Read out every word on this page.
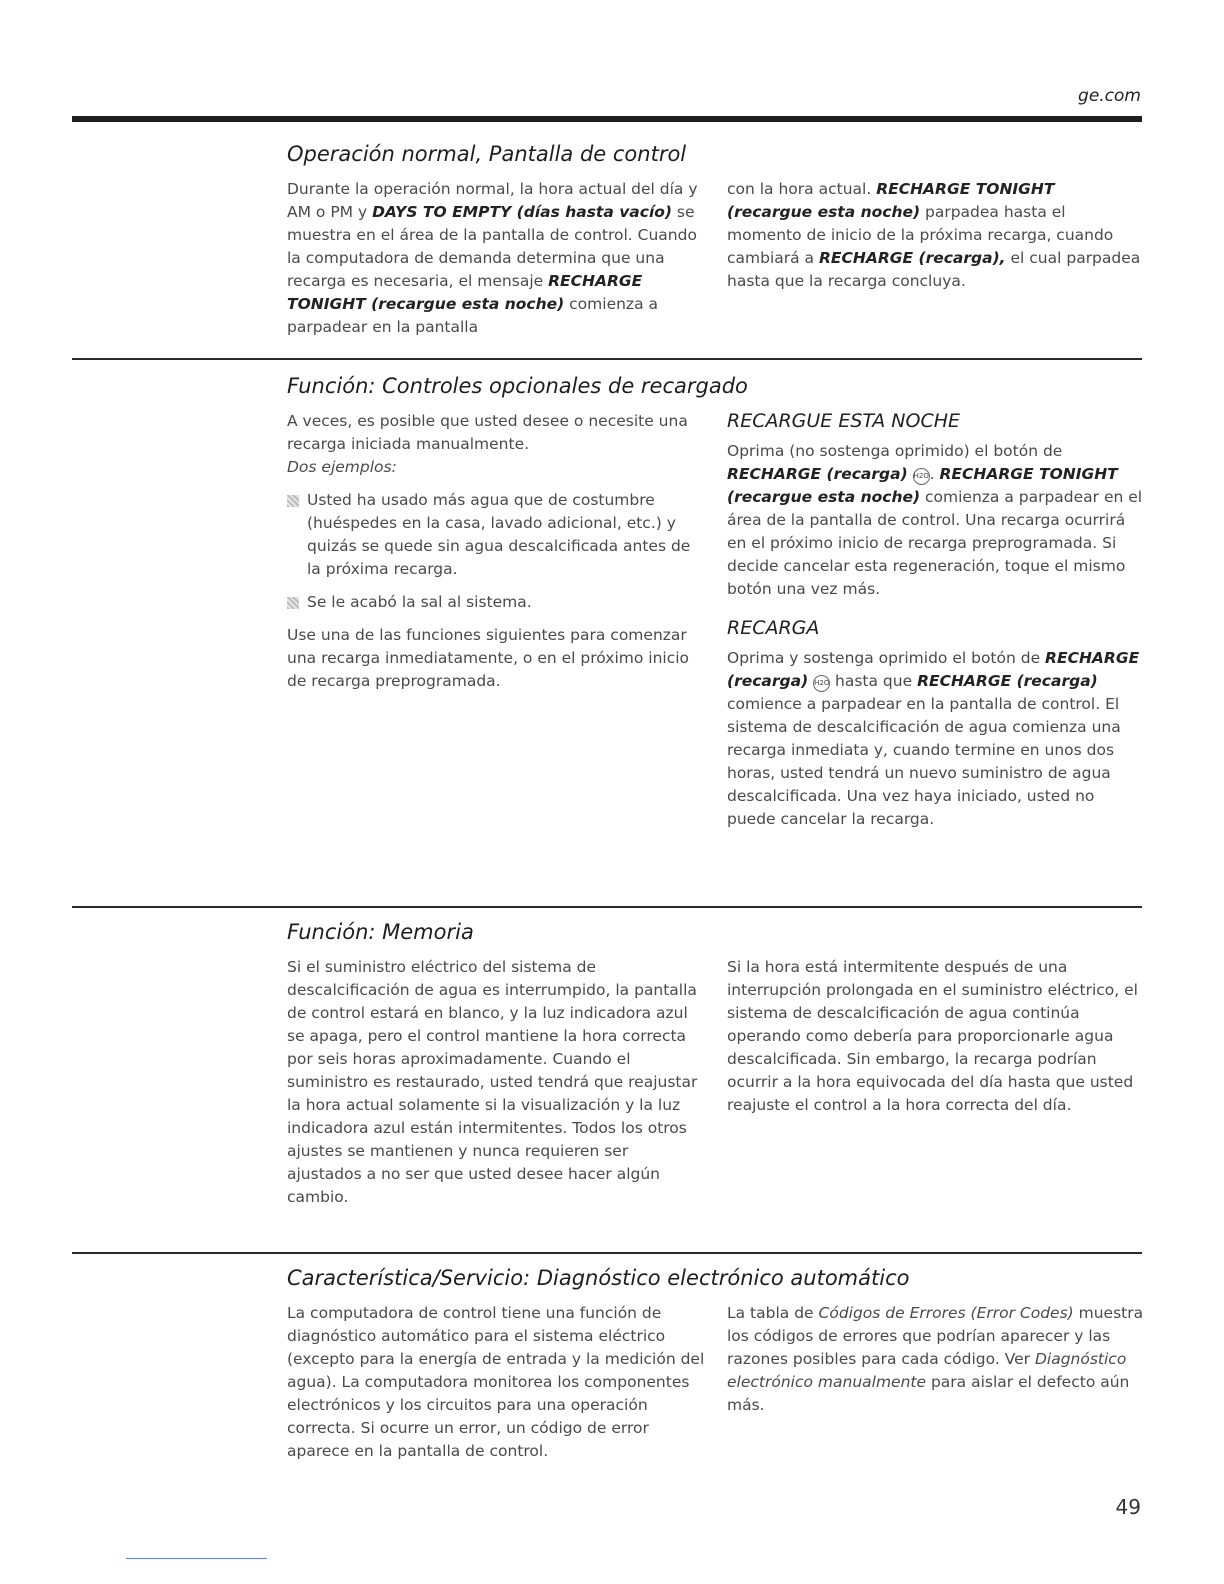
ge.com
Operación normal, Pantalla de control

Durante la operación normal, la hora actual del día y AM o PM y DAYS TO EMPTY (días hasta vacío) se muestra en el área de la pantalla de control. Cuando la computadora de demanda determina que una recarga es necesaria, el mensaje RECHARGE TONIGHT (recargue esta noche) comienza a parpadear en la pantalla

con la hora actual. RECHARGE TONIGHT (recargue esta noche) parpadea hasta el momento de inicio de la próxima recarga, cuando cambiará a RECHARGE (recarga), el cual parpadea hasta que la recarga concluya.

Función: Controles opcionales de recargado

A veces, es posible que usted desee o necesite una recarga iniciada manualmente.

Dos ejemplos:

Usted ha usado más agua que de costumbre (huéspedes en la casa, lavado adicional, etc.) y quizás se quede sin agua descalcificada antes de la próxima recarga.
Se le acabó la sal al sistema.

Use una de las funciones siguientes para comenzar una recarga inmediatamente, o en el próximo inicio de recarga preprogramada.

RECARGUE ESTA NOCHE

Oprima (no sostenga oprimido) el botón de RECHARGE (recarga) H2O. RECHARGE TONIGHT (recargue esta noche) comienza a parpadear en el área de la pantalla de control. Una recarga ocurrirá en el próximo inicio de recarga preprogramada. Si decide cancelar esta regeneración, toque el mismo botón una vez más.

RECARGA

Oprima y sostenga oprimido el botón de RECHARGE (recarga) H2O hasta que RECHARGE (recarga) comience a parpadear en la pantalla de control. El sistema de descalcificación de agua comienza una recarga inmediata y, cuando termine en unos dos horas, usted tendrá un nuevo suministro de agua descalcificada. Una vez haya iniciado, usted no puede cancelar la recarga.

Función: Memoria

Si el suministro eléctrico del sistema de descalcificación de agua es interrumpido, la pantalla de control estará en blanco, y la luz indicadora azul se apaga, pero el control mantiene la hora correcta por seis horas aproximadamente. Cuando el suministro es restaurado, usted tendrá que reajustar la hora actual solamente si la visualización y la luz indicadora azul están intermitentes. Todos los otros ajustes se mantienen y nunca requieren ser ajustados a no ser que usted desee hacer algún cambio.

Si la hora está intermitente después de una interrupción prolongada en el suministro eléctrico, el sistema de descalcificación de agua continúa operando como debería para proporcionarle agua descalcificada. Sin embargo, la recarga podrían ocurrir a la hora equivocada del día hasta que usted reajuste el control a la hora correcta del día.

Característica/Servicio: Diagnóstico electrónico automático

La computadora de control tiene una función de diagnóstico automático para el sistema eléctrico (excepto para la energía de entrada y la medición del agua). La computadora monitorea los componentes electrónicos y los circuitos para una operación correcta. Si ocurre un error, un código de error aparece en la pantalla de control.

La tabla de Códigos de Errores (Error Codes) muestra los códigos de errores que podrían aparecer y las razones posibles para cada código. Ver Diagnóstico electrónico manualmente para aislar el defecto aún más.

49
